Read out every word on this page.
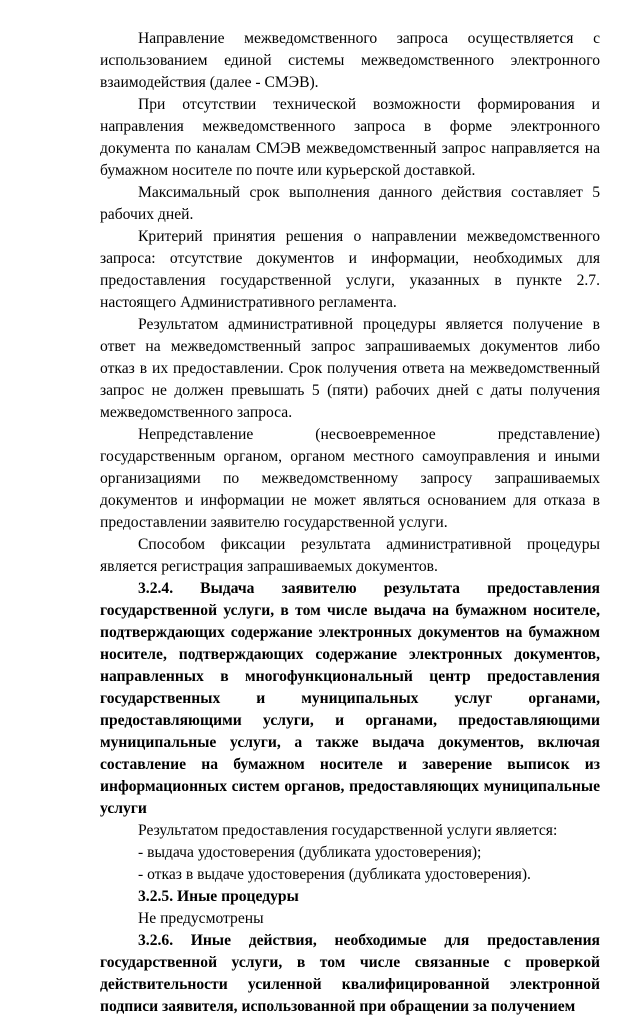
Направление межведомственного запроса осуществляется с использованием единой системы межведомственного электронного взаимодействия (далее - СМЭВ).

При отсутствии технической возможности формирования и направления межведомственного запроса в форме электронного документа по каналам СМЭВ межведомственный запрос направляется на бумажном носителе по почте или курьерской доставкой.

Максимальный срок выполнения данного действия составляет 5 рабочих дней.

Критерий принятия решения о направлении межведомственного запроса: отсутствие документов и информации, необходимых для предоставления государственной услуги, указанных в пункте 2.7. настоящего Административного регламента.

Результатом административной процедуры является получение в ответ на межведомственный запрос запрашиваемых документов либо отказ в их предоставлении. Срок получения ответа на межведомственный запрос не должен превышать 5 (пяти) рабочих дней с даты получения межведомственного запроса.

Непредставление (несвоевременное представление) государственным органом, органом местного самоуправления и иными организациями по межведомственному запросу запрашиваемых документов и информации не может являться основанием для отказа в предоставлении заявителю государственной услуги.

Способом фиксации результата административной процедуры является регистрация запрашиваемых документов.

3.2.4. Выдача заявителю результата предоставления государственной услуги, в том числе выдача на бумажном носителе, подтверждающих содержание электронных документов на бумажном носителе, подтверждающих содержание электронных документов, направленных в многофункциональный центр предоставления государственных и муниципальных услуг органами, предоставляющими услуги, и органами, предоставляющими муниципальные услуги, а также выдача документов, включая составление на бумажном носителе и заверение выписок из информационных систем органов, предоставляющих муниципальные услуги

Результатом предоставления государственной услуги является:

- выдача удостоверения (дубликата удостоверения);

- отказ в выдаче удостоверения (дубликата удостоверения).

3.2.5. Иные процедуры

Не предусмотрены

3.2.6. Иные действия, необходимые для предоставления государственной услуги, в том числе связанные с проверкой действительности усиленной квалифицированной электронной подписи заявителя, использованной при обращении за получением
